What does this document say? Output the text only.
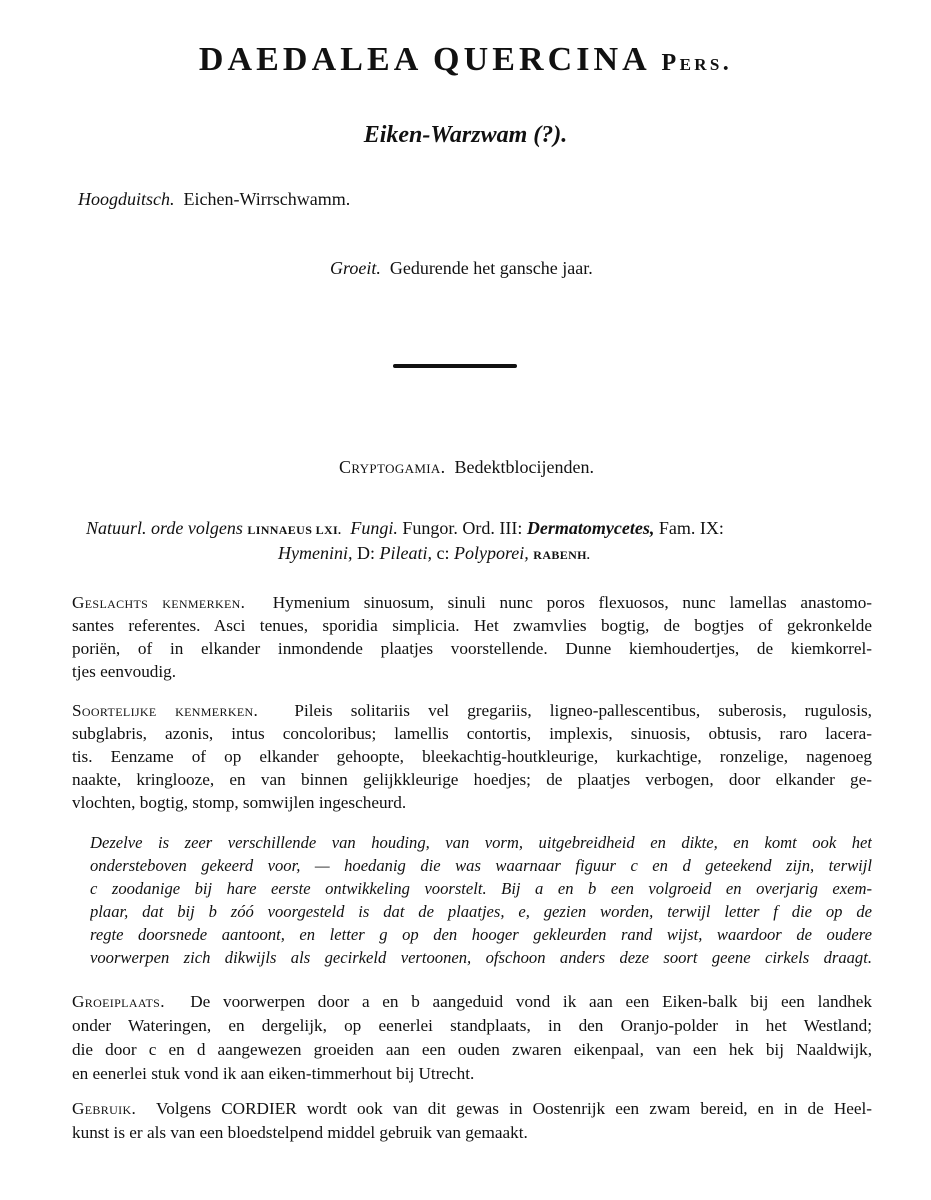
DAEDALEA QUERCINA Pers.
Eiken-Warzwam (?).
Hoogduitsch. Eichen-Wirrschwamm.
Groeit. Gedurende het gansche jaar.
Cryptogamia. Bedektblocijenden.
Natuurl. orde volgens LINNAEUS LXI. Fungi. Fungor. Ord. III: Dermatomycetes, Fam. IX:
Hymenini, D: Pileati, c: Polyporei, RABENH.
Geslachts kenmerken. Hymenium sinuosum, sinuli nunc poros flexuosos, nunc lamellas anastomo-
santes referentes. Asci tenues, sporidia simplicia. Het zwamvlies bogtig, de bogtjes of gekronkelde
poriën, of in elkander inmondende plaatjes voorstellende. Dunne kiemhoudertjes, de kiemkorrel-
tjes eenvoudig.
Soortelijke kenmerken. Pileis solitariis vel gregariis, ligneo-pallescentibus, suberosis, rugulosis,
subglabris, azonis, intus concoloribus; lamellis contortis, implexis, sinuosis, obtusis, raro lacera-
tis. Eenzame of op elkander gehoopte, bleekachtig-houtkleurige, kurkachtige, ronzelige, nagenoeg
naakte, kringlooze, en van binnen gelijkkleurige hoedjes; de plaatjes verbogen, door elkander ge-
vlochten, bogtig, stomp, somwijlen ingescheurd.
Dezelve is zeer verschillende van houding, van vorm, uitgebreidheid en dikte, en komt ook het
ondersteboven gekeerd voor, — hoedanig die was waarnaar figuur c en d geteekend zijn, terwijl
c zoodanige bij hare eerste ontwikkeling voorstelt. Bij a en b een volgroeid en overjarig exem-
plaar, dat bij b zóó voorgesteld is dat de plaatjes, e, gezien worden, terwijl letter f die op de
regte doorsnede aantoont, en letter g op den hooger gekleurden rand wijst, waardoor de oudere
voorwerpen zich dikwijls als gecirkeld vertoonen, ofschoon anders deze soort geene cirkels draagt.
Groeiplaats. De voorwerpen door a en b aangeduid vond ik aan een Eiken-balk bij een landhek
onder Wateringen, en dergelijk, op eenerlei standplaats, in den Oranjo-polder in het Westland;
die door c en d aangewezen groeiden aan een ouden zwaren eikenpaal, van een hek bij Naaldwijk,
en eenerlei stuk vond ik aan eiken-timmerhout bij Utrecht.
Gebruik. Volgens CORDIER wordt ook van dit gewas in Oostenrijk een zwam bereid, en in de Heel-
kunst is er als van een bloedstelpend middel gebruik van gemaakt.
